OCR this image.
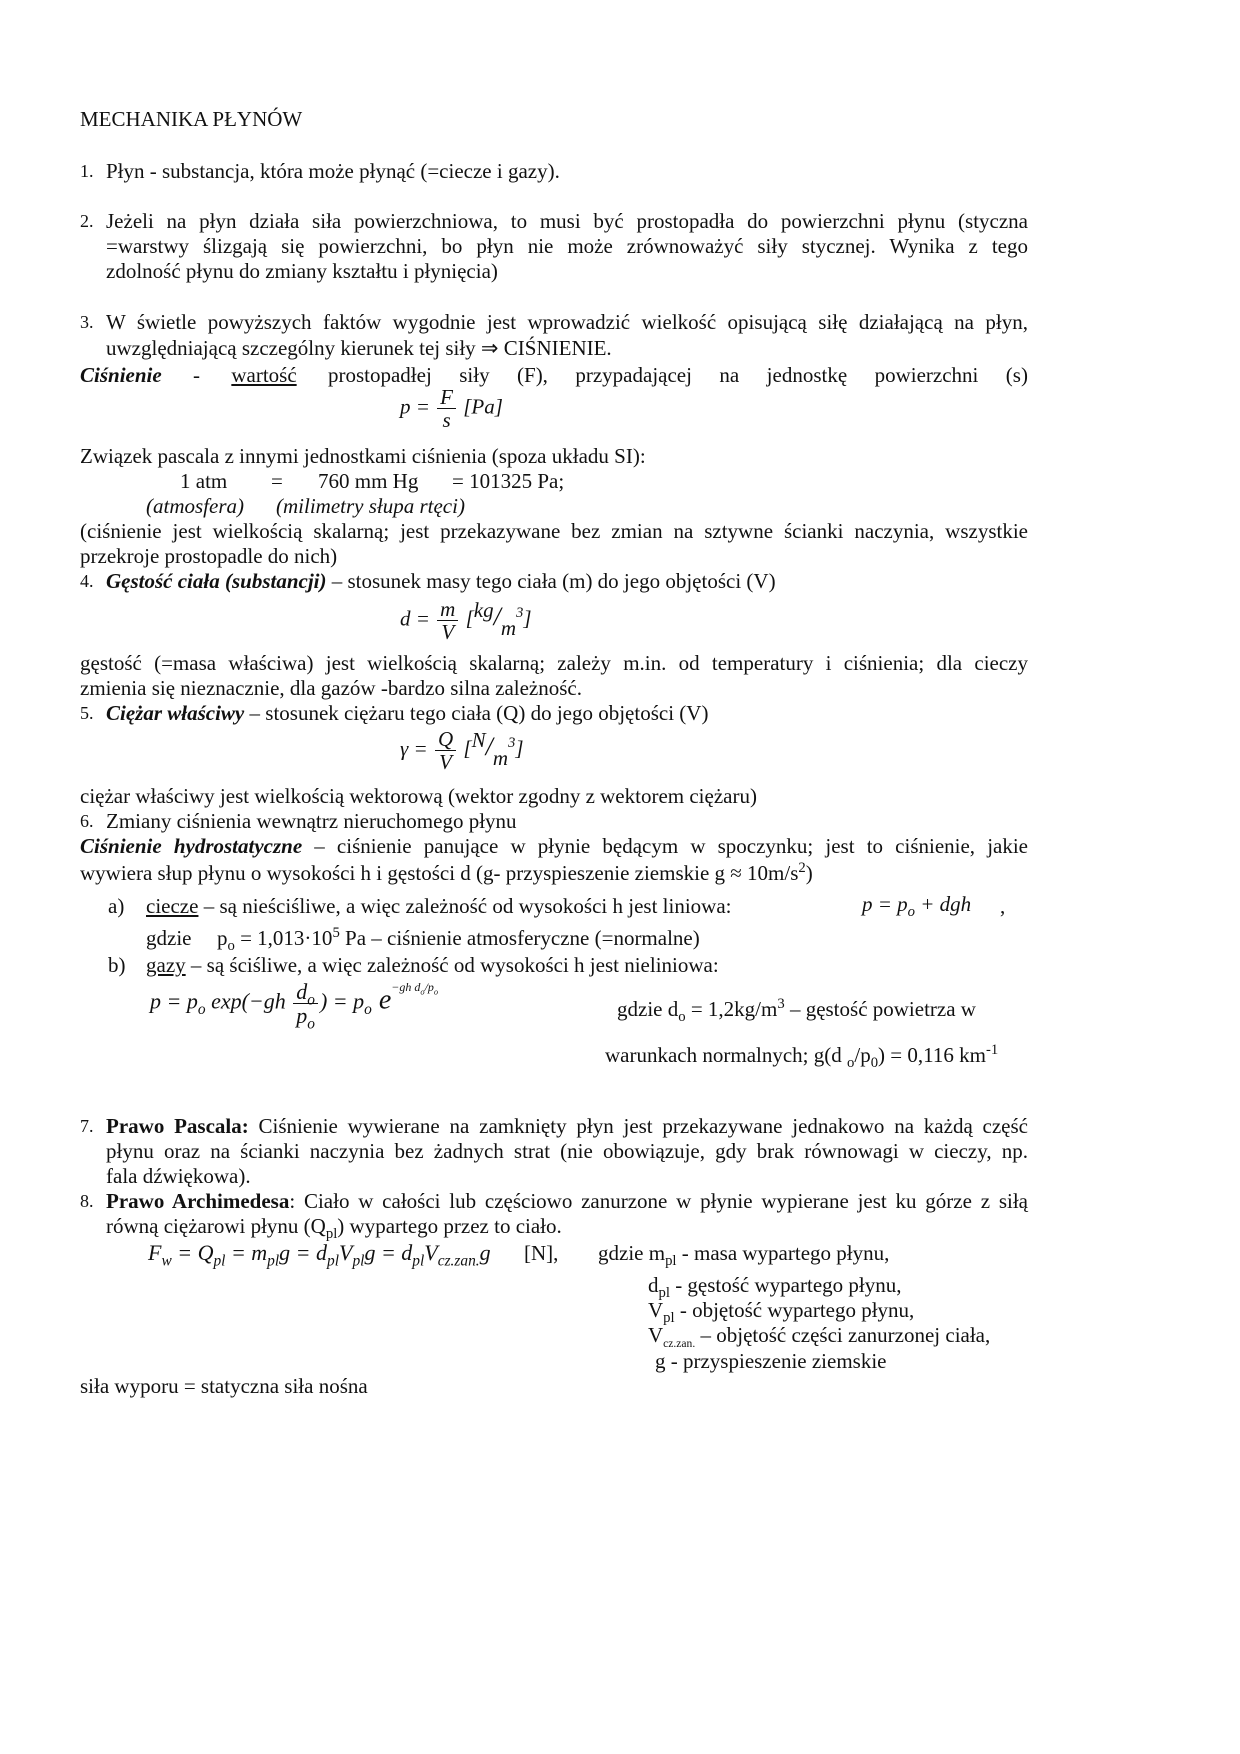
MECHANIKA PŁYNÓW
1. Płyn - substancja, która może płynąć (=ciecze i gazy).
2. Jeżeli na płyn działa siła powierzchniowa, to musi być prostopadła do powierzchni płynu (styczna
=warstwy ślizgają się powierzchni, bo płyn nie może zrównoważyć siły stycznej. Wynika z tego
zdolność płynu do zmiany kształtu i płynięcia)
3. W świetle powyższych faktów wygodnie jest wprowadzić wielkość opisującą siłę działającą na płyn,
uwzględniającą szczególny kierunek tej siły ⇒ CIŚNIENIE.
Ciśnienie - wartość prostopadłej siły (F), przypadającej na jednostkę powierzchni (s)
$p = \frac{F}{s} [Pa]$
Związek pascala z innymi jednostkami ciśnienia (spoza układu SI):
1 atm = 760 mm Hg = 101325 Pa;
(atmosfera) (milimetry słupa rtęci)
(ciśnienie jest wielkością skalarną; jest przekazywane bez zmian na sztywne ścianki naczynia, wszystkie
przekroje prostopadle do nich)
4. Gęstość ciała (substancji) – stosunek masy tego ciała (m) do jego objętości (V)
$d = \frac{m}{V} [kg/m^3]$
gęstość (=masa właściwa) jest wielkością skalarną; zależy m.in. od temperatury i ciśnienia; dla cieczy
zmienia się nieznacznie, dla gazów -bardzo silna zależność.
5. Ciężar właściwy – stosunek ciężaru tego ciała (Q) do jego objętości (V)
$\gamma = \frac{Q}{V} [N/m^3]$
ciężar właściwy jest wielkością wektorową (wektor zgodny z wektorem ciężaru)
6. Zmiany ciśnienia wewnątrz nieruchomego płynu
Ciśnienie hydrostatyczne – ciśnienie panujące w płynie będącym w spoczynku; jest to ciśnienie, jakie
wywiera słup płynu o wysokości h i gęstości d (g- przyspieszenie ziemskie $g \approx 10m/s^2$)
a) ciecze – są nieściśliwe, a więc zależność od wysokości h jest liniowa:	$p = p_o$ + dgh ,
gdzie $p_o = 1,013\cdot 10^5$ Pa – ciśnienie atmosferyczne (=normalne)
b) gazy – są ściśliwe, a więc zależność od wysokości h jest nieliniowa:
$p = p_o$ $\exp(-gh \frac{d_o}{p_o}$ ) = $p_o$ $e^{-gh d_o/p_o}$
gdzie $d_o = 1,2kg/m^3$ – gęstość powietrza w
warunkach normalnych; g(d $_o/p_0) = 0,116$ $km^{-1}$
7. Prawo Pascala: Ciśnienie wywierane na zamknięty płyn jest przekazywane jednakowo na każdą część
płynu oraz na ścianki naczynia bez żadnych strat (nie obowiązuje, gdy brak równowagi w cieczy, np.
fala dźwiękowa).
8. Prawo Archimedesa: Ciało w całości lub częściowo zanurzone w płynie wypierane jest ku górze z siłą
równą ciężarowi płynu $(Q_{pl})$ wypartego przez to ciało.
$F_w = Q_{pl} = m_{pl}g = d_{pl}V_{pl}g = d_{pl}V_{cz.zan.}g$ [N], gdzie $m_{pl}$ - masa wypartego płynu,
$d_{pl}$ - gęstość wypartego płynu,
$V_{pl}$ - objętość wypartego płynu,
$V_{cz.zan.}$ – objętość części zanurzonej ciała,
g - przyspieszenie ziemskie
siła wyporu = statyczna siła nośna
